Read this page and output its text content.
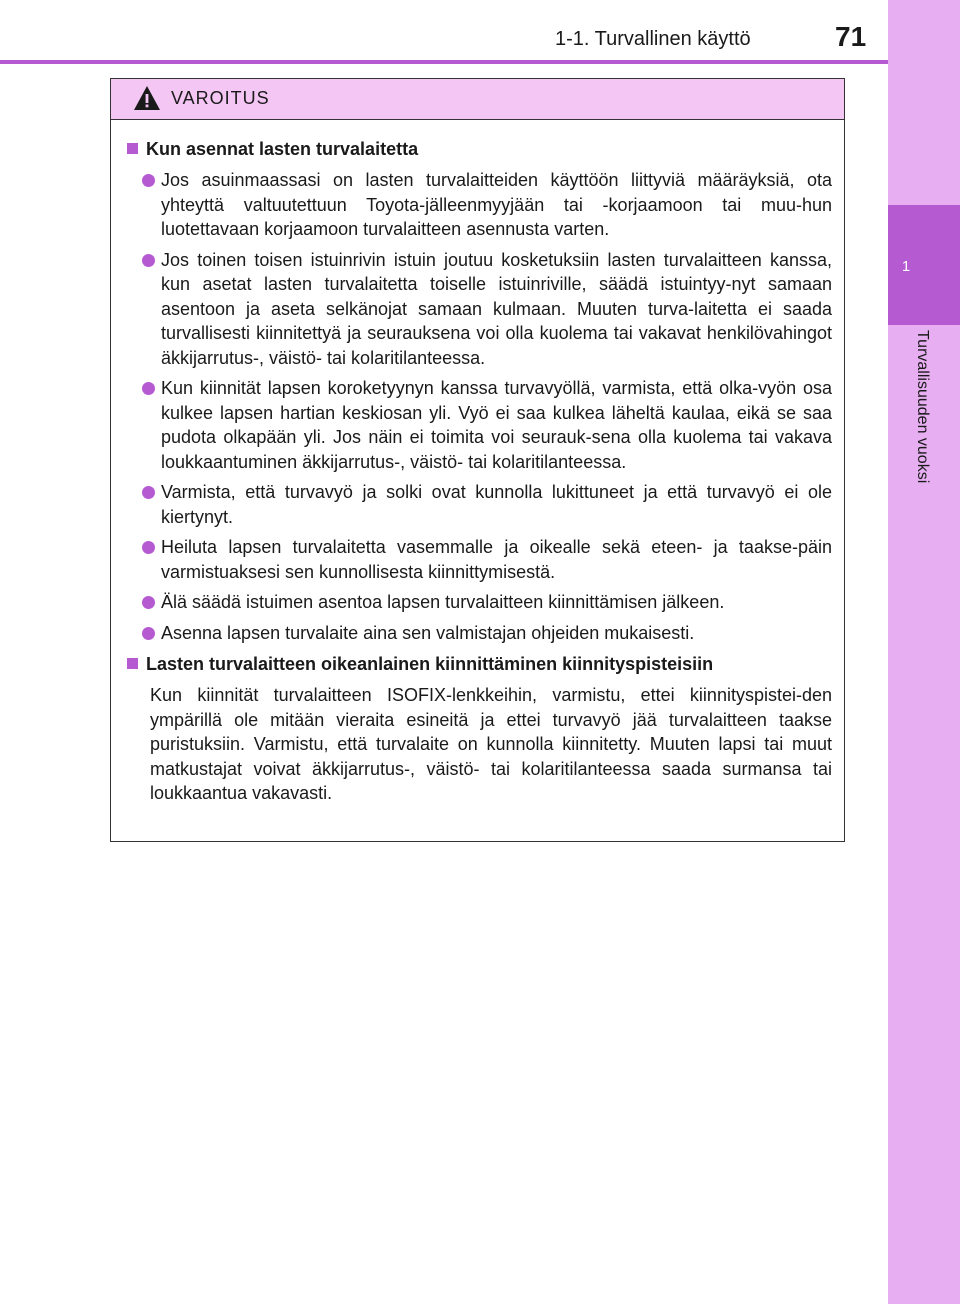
1
Turvallisuuden vuoksi
1-1. Turvallinen käyttö	71
VAROITUS
Kun asennat lasten turvalaitetta
Jos asuinmaassasi on lasten turvalaitteiden käyttöön liittyviä määräyksiä, ota yhteyttä valtuutettuun Toyota-jälleenmyyjään tai -korjaamoon tai muu-hun luotettavaan korjaamoon turvalaitteen asennusta varten.
Jos toinen toisen istuinrivin istuin joutuu kosketuksiin lasten turvalaitteen kanssa, kun asetat lasten turvalaitetta toiselle istuinriville, säädä istuintyy-nyt samaan asentoon ja aseta selkänojat samaan kulmaan. Muuten turva-laitetta ei saada turvallisesti kiinnitettyä ja seurauksena voi olla kuolema tai vakavat henkilövahingot äkkijarrutus-, väistö- tai kolaritilanteessa.
Kun kiinnität lapsen koroketyynyn kanssa turvavyöllä, varmista, että olka-vyön osa kulkee lapsen hartian keskiosan yli. Vyö ei saa kulkea läheltä kaulaa, eikä se saa pudota olkapään yli. Jos näin ei toimita voi seurauk-sena olla kuolema tai vakava loukkaantuminen äkkijarrutus-, väistö- tai kolaritilanteessa.
Varmista, että turvavyö ja solki ovat kunnolla lukittuneet ja että turvavyö ei ole kiertynyt.
Heiluta lapsen turvalaitetta vasemmalle ja oikealle sekä eteen- ja taakse-päin varmistuaksesi sen kunnollisesta kiinnittymisestä.
Älä säädä istuimen asentoa lapsen turvalaitteen kiinnittämisen jälkeen.
Asenna lapsen turvalaite aina sen valmistajan ohjeiden mukaisesti.
Lasten turvalaitteen oikeanlainen kiinnittäminen kiinnityspisteisiin

Kun kiinnität turvalaitteen ISOFIX-lenkkeihin, varmistu, ettei kiinnityspistei-den ympärillä ole mitään vieraita esineitä ja ettei turvavyö jää turvalaitteen taakse puristuksiin. Varmistu, että turvalaite on kunnolla kiinnitetty. Muuten lapsi tai muut matkustajat voivat äkkijarrutus-, väistö- tai kolaritilanteessa saada surmansa tai loukkaantua vakavasti.
